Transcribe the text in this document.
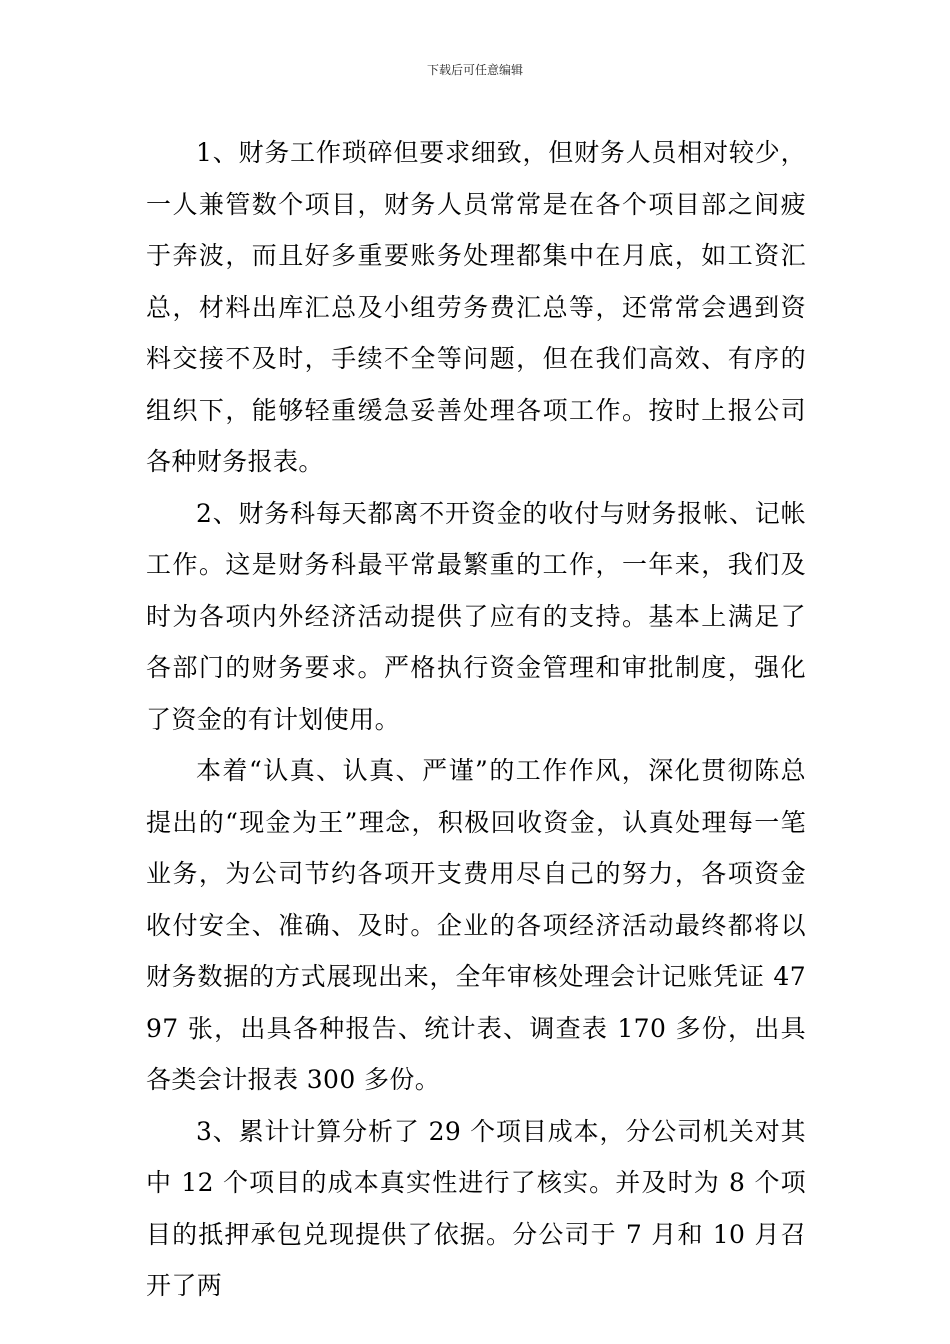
下载后可任意编辑

1、财务工作琐碎但要求细致，但财务人员相对较少，一人兼管数个项目，财务人员常常是在各个项目部之间疲于奔波，而且好多重要账务处理都集中在月底，如工资汇总，材料出库汇总及小组劳务费汇总等，还常常会遇到资料交接不及时，手续不全等问题，但在我们高效、有序的组织下，能够轻重缓急妥善处理各项工作。按时上报公司各种财务报表。

2、财务科每天都离不开资金的收付与财务报帐、记帐工作。这是财务科最平常最繁重的工作，一年来，我们及时为各项内外经济活动提供了应有的支持。基本上满足了各部门的财务要求。严格执行资金管理和审批制度，强化了资金的有计划使用。

本着“认真、认真、严谨”的工作作风，深化贯彻陈总提出的“现金为王”理念，积极回收资金，认真处理每一笔业务，为公司节约各项开支费用尽自己的努力，各项资金收付安全、准确、及时。企业的各项经济活动最终都将以财务数据的方式展现出来，全年审核处理会计记账凭证 4797 张，出具各种报告、统计表、调查表 170 多份，出具各类会计报表 300 多份。

3、累计计算分析了 29 个项目成本，分公司机关对其中 12 个项目的成本真实性进行了核实。并及时为 8 个项目的抵押承包兑现提供了依据。分公司于 7 月和 10 月召开了两
